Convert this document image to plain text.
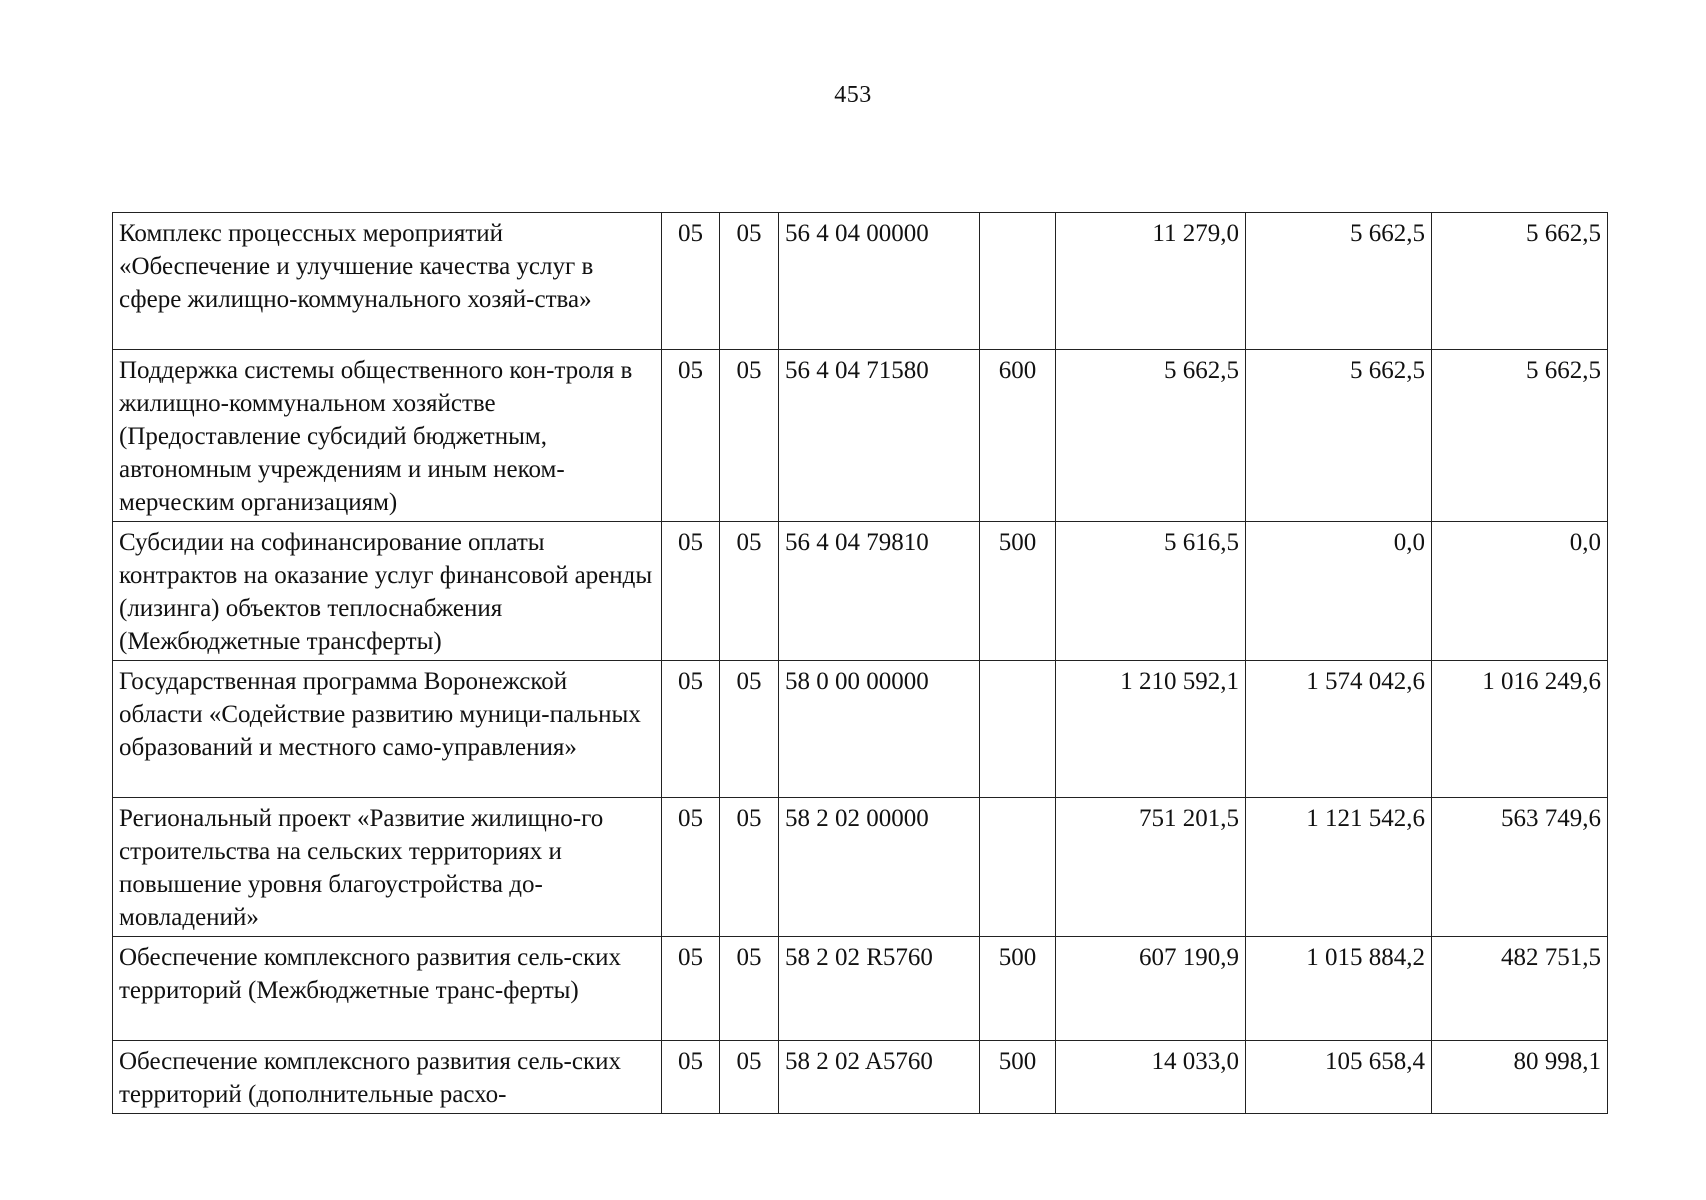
453
Комплекс процессных мероприятий «Обеспечение и улучшение качества услуг в сфере жилищно-коммунального хозяй-ства»	05	05	56 4 04 00000		11 279,0	5 662,5	5 662,5
Поддержка системы общественного кон-троля в жилищно-коммунальном хозяйстве (Предоставление субсидий бюджетным, автономным учреждениям и иным неком-мерческим организациям)	05	05	56 4 04 71580	600	5 662,5	5 662,5	5 662,5
Субсидии на софинансирование оплаты контрактов на оказание услуг финансовой аренды (лизинга) объектов теплоснабжения (Межбюджетные трансферты)	05	05	56 4 04 79810	500	5 616,5	0,0	0,0
Государственная программа Воронежской области «Содействие развитию муници-пальных образований и местного само-управления»	05	05	58 0 00 00000		1 210 592,1	1 574 042,6	1 016 249,6
Региональный проект «Развитие жилищно-го строительства на сельских территориях и повышение уровня благоустройства до-мовладений»	05	05	58 2 02 00000		751 201,5	1 121 542,6	563 749,6
Обеспечение комплексного развития сель-ских территорий (Межбюджетные транс-ферты)	05	05	58 2 02 R5760	500	607 190,9	1 015 884,2	482 751,5
Обеспечение комплексного развития сель-ских территорий (дополнительные расхо-	05	05	58 2 02 A5760	500	14 033,0	105 658,4	80 998,1
